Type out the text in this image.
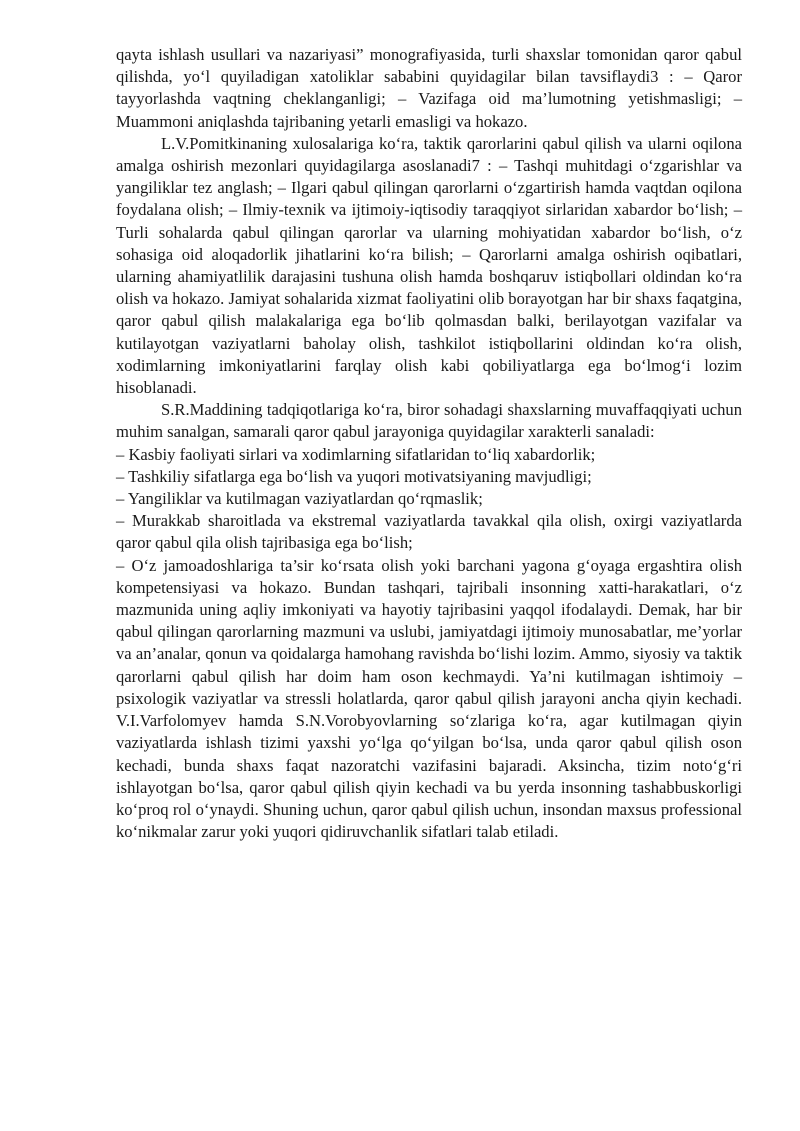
qayta ishlash usullari va nazariyasi” monografiyasida, turli shaxslar tomonidan qaror qabul qilishda, yo‘l quyiladigan xatoliklar sababini quyidagilar bilan tavsiflaydi3 : – Qaror tayyorlashda vaqtning cheklanganligi; – Vazifaga oid ma’lumotning yetishmasligi; – Muammoni aniqlashda tajribaning yetarli emasligi va hokazo.

L.V.Pomitkinaning xulosalariga ko‘ra, taktik qarorlarini qabul qilish va ularni oqilona amalga oshirish mezonlari quyidagilarga asoslanadi7 : – Tashqi muhitdagi o‘zgarishlar va yangiliklar tez anglash; – Ilgari qabul qilingan qarorlarni o‘zgartirish hamda vaqtdan oqilona foydalana olish; – Ilmiy-texnik va ijtimoiy-iqtisodiy taraqqiyot sirlaridan xabardor bo‘lish; – Turli sohalarda qabul qilingan qarorlar va ularning mohiyatidan xabardor bo‘lish, o‘z sohasiga oid aloqadorlik jihatlarini ko‘ra bilish; – Qarorlarni amalga oshirish oqibatlari, ularning ahamiyatlilik darajasini tushuna olish hamda boshqaruv istiqbollari oldindan ko‘ra olish va hokazo. Jamiyat sohalarida xizmat faoliyatini olib borayotgan har bir shaxs faqatgina, qaror qabul qilish malakalariga ega bo‘lib qolmasdan balki, berilayotgan vazifalar va kutilayotgan vaziyatlarni baholay olish, tashkilot istiqbollarini oldindan ko‘ra olish, xodimlarning imkoniyatlarini farqlay olish kabi qobiliyatlarga ega bo‘lmog‘i lozim hisoblanadi.

S.R.Maddining tadqiqotlariga ko‘ra, biror sohadagi shaxslarning muvaffaqqiyati uchun muhim sanalgan, samarali qaror qabul jarayoniga quyidagilar xarakterli sanaladi:

– Kasbiy faoliyati sirlari va xodimlarning sifatlaridan to‘liq xabardorlik;

– Tashkiliy sifatlarga ega bo‘lish va yuqori motivatsiyaning mavjudligi;

– Yangiliklar va kutilmagan vaziyatlardan qo‘rqmaslik;

– Murakkab sharoitlada va ekstremal vaziyatlarda tavakkal qila olish, oxirgi vaziyatlarda qaror qabul qila olish tajribasiga ega bo‘lish;

– O‘z jamoadoshlariga ta’sir ko‘rsata olish yoki barchani yagona g‘oyaga ergashtira olish kompetensiyasi va hokazo. Bundan tashqari, tajribali insonning xatti-harakatlari, o‘z mazmunida uning aqliy imkoniyati va hayotiy tajribasini yaqqol ifodalaydi. Demak, har bir qabul qilingan qarorlarning mazmuni va uslubi, jamiyatdagi ijtimoiy munosabatlar, me’yorlar va an’analar, qonun va qoidalarga hamohang ravishda bo‘lishi lozim. Ammo, siyosiy va taktik qarorlarni qabul qilish har doim ham oson kechmaydi. Ya’ni kutilmagan ishtimoiy – psixologik vaziyatlar va stressli holatlarda, qaror qabul qilish jarayoni ancha qiyin kechadi. V.I.Varfolomyev hamda S.N.Vorobyovlarning so‘zlariga ko‘ra, agar kutilmagan qiyin vaziyatlarda ishlash tizimi yaxshi yo‘lga qo‘yilgan bo‘lsa, unda qaror qabul qilish oson kechadi, bunda shaxs faqat nazoratchi vazifasini bajaradi. Aksincha, tizim noto‘g‘ri ishlayotgan bo‘lsa, qaror qabul qilish qiyin kechadi va bu yerda insonning tashabbuskorligi ko‘proq rol o‘ynaydi. Shuning uchun, qaror qabul qilish uchun, insondan maxsus professional ko‘nikmalar zarur yoki yuqori qidiruvchanlik sifatlari talab etiladi.
